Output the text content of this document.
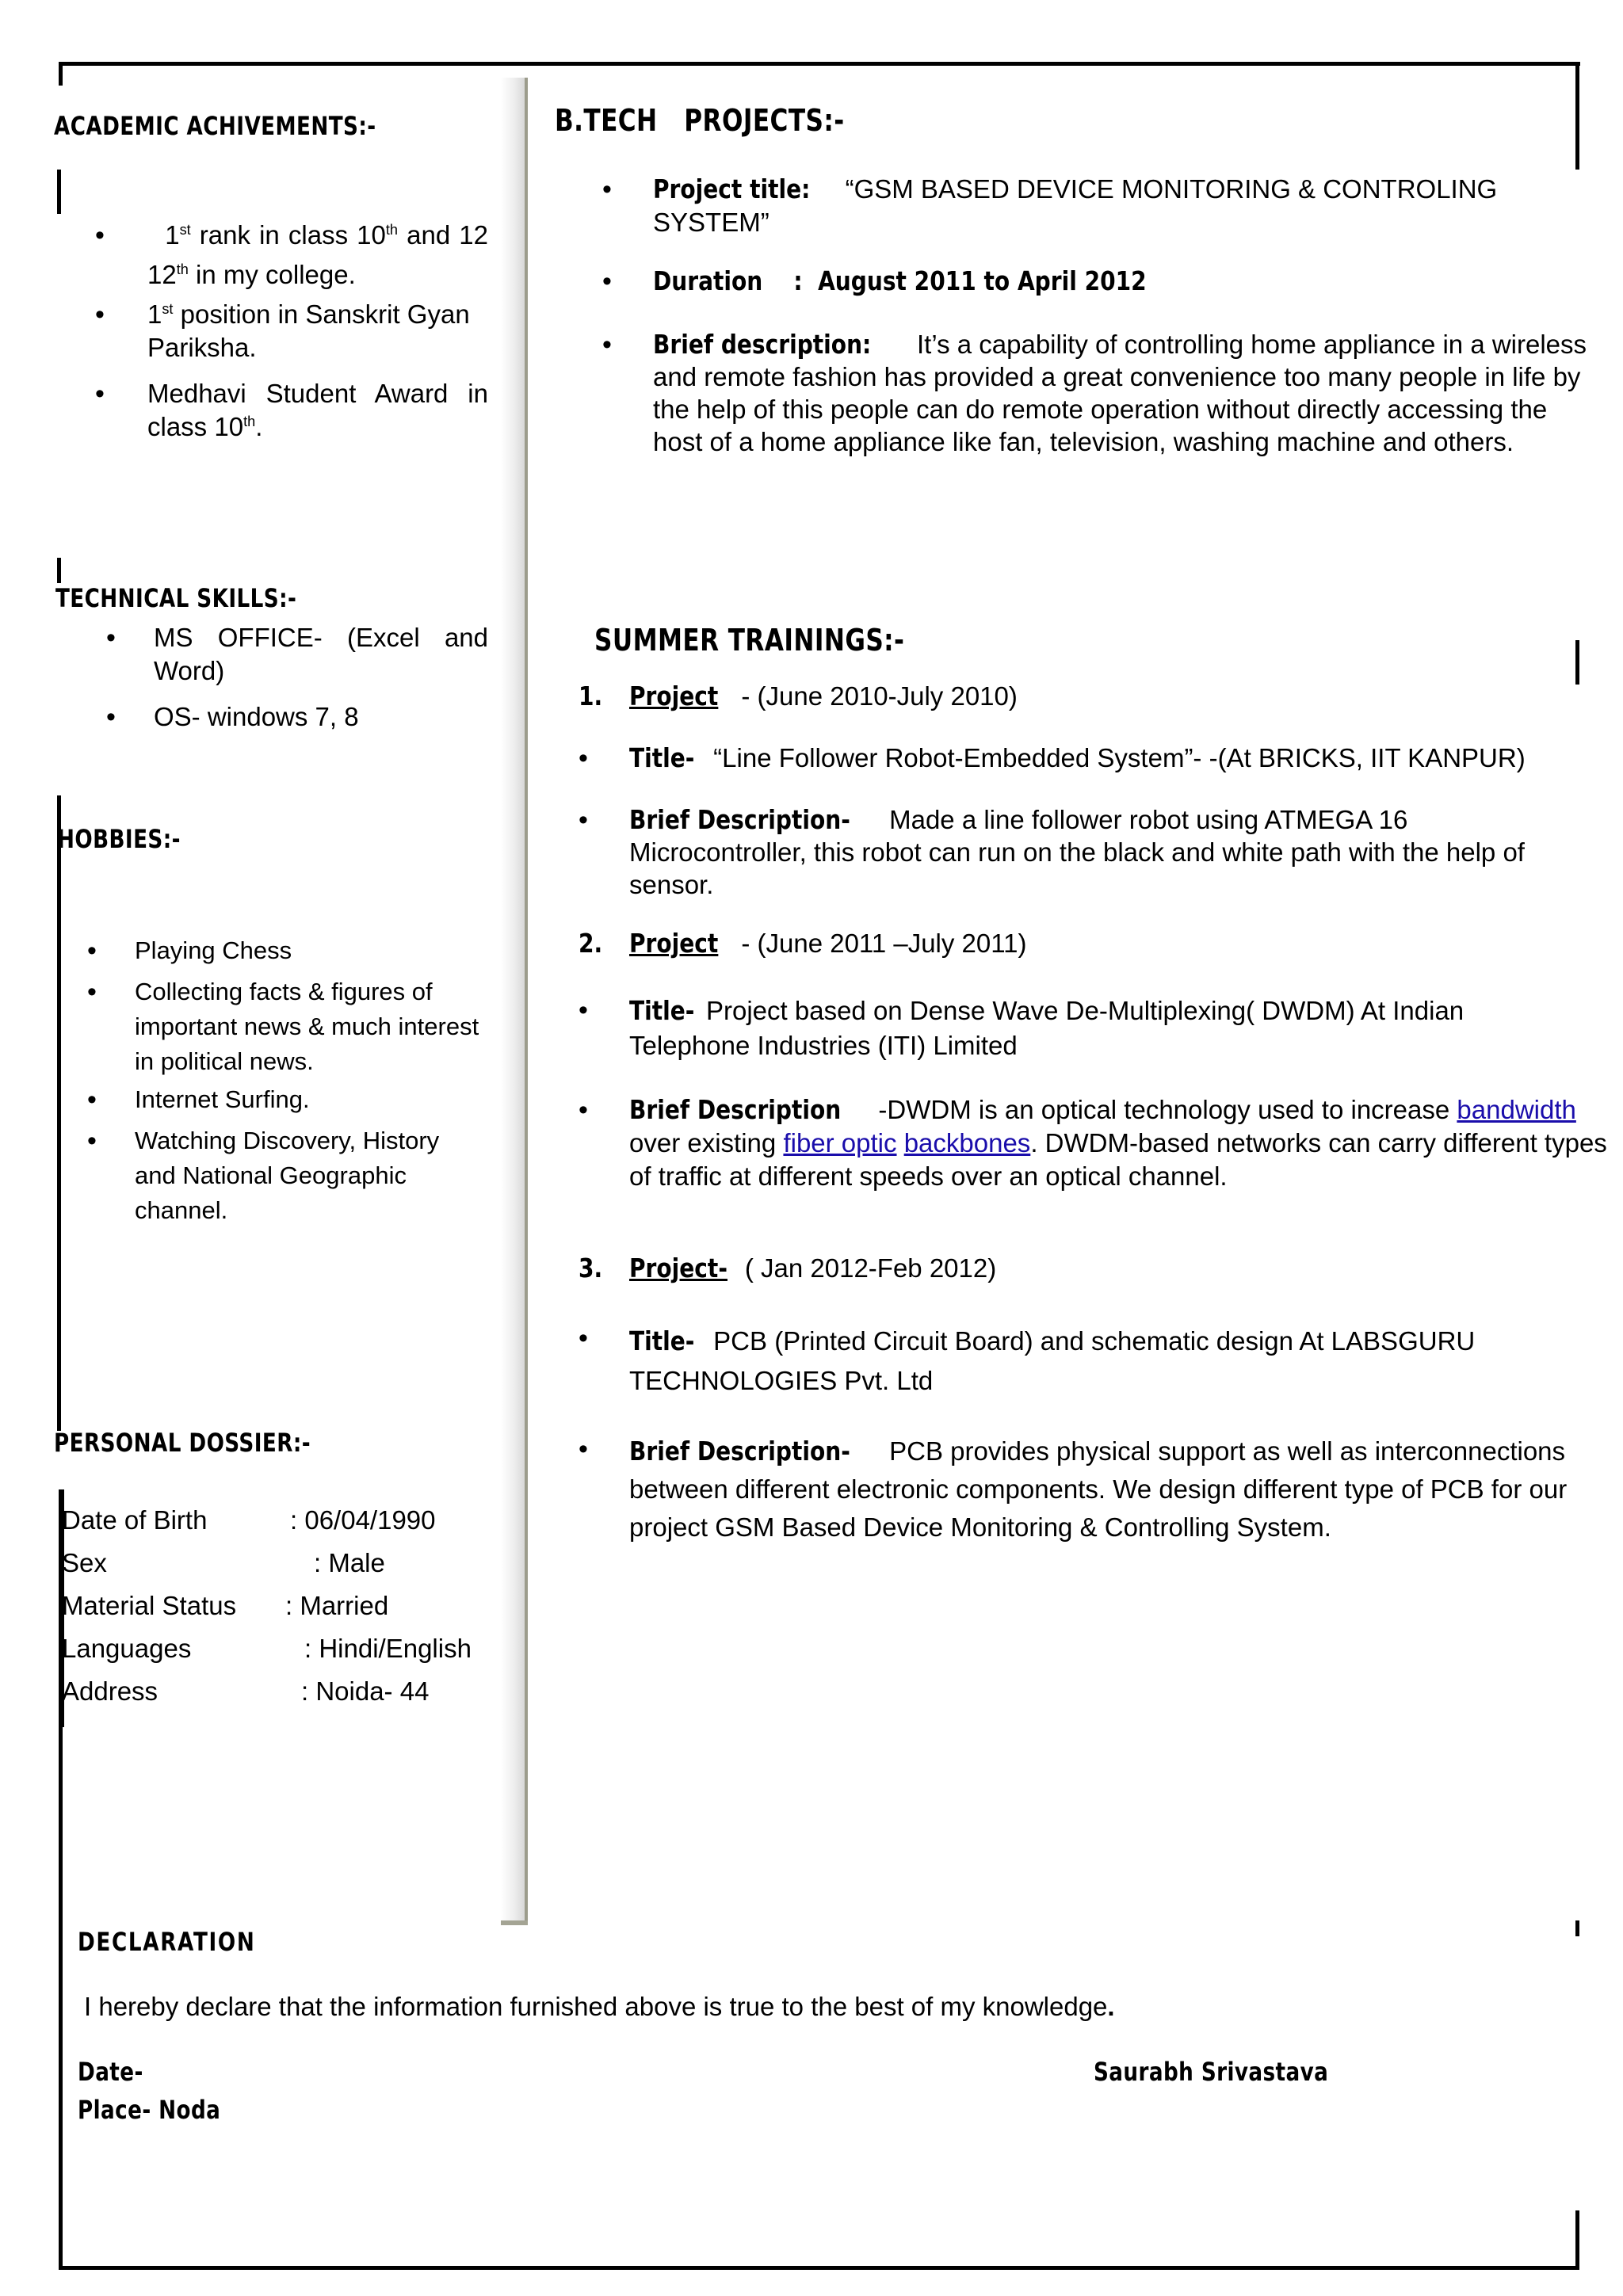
ACADEMIC ACHIVEMENTS:-
•	1st rank in class 10th and 12
12th in my college.
• 1st position in Sanskrit Gyan Pariksha.
• Medhavi Student Award in class 10th.
TECHNICAL SKILLS:-
• MS OFFICE- (Excel and Word)
• OS- windows 7, 8
HOBBIES:-
• Playing Chess
• Collecting facts & figures of important news & much interest in political news.
• Internet Surfing.
• Watching Discovery, History and National Geographic channel.
PERSONAL DOSSIER:-
Date of Birth	: 06/04/1990
Sex	: Male
Material Status : Married
Languages	: Hindi/English
Address	: Noida- 44
B.TECH   PROJECTS:-
• Project title: “GSM BASED DEVICE MONITORING & CONTROLING SYSTEM”
• Duration    :  August 2011 to April 2012
• Brief description: It’s a capability of controlling home appliance in a wireless and remote fashion has provided a great convenience too many people in life by the help of this people can do remote operation without directly accessing the host of a home appliance like fan, television, washing machine and others.
SUMMER TRAININGS:-
1. Project - (June 2010-July 2010)
• Title- “Line Follower Robot-Embedded System”- -(At BRICKS, IIT KANPUR)
• Brief Description- Made a line follower robot using ATMEGA 16 Microcontroller, this robot can run on the black and white path with the help of sensor.
2. Project - (June 2011 –July 2011)
• Title- Project based on Dense Wave De-Multiplexing( DWDM) At Indian Telephone Industries (ITI) Limited
• Brief Description -DWDM is an optical technology used to increase bandwidth over existing fiber optic backbones. DWDM-based networks can carry different types of traffic at different speeds over an optical channel.
3. Project- ( Jan 2012-Feb 2012)
• Title- PCB (Printed Circuit Board) and schematic design At LABSGURU TECHNOLOGIES Pvt. Ltd
• Brief Description- PCB provides physical support as well as interconnections between different electronic components. We design different type of PCB for our project GSM Based Device Monitoring & Controlling System.
DECLARATION
I hereby declare that the information furnished above is true to the best of my knowledge.
Date-
Place- Noda
Saurabh Srivastava
